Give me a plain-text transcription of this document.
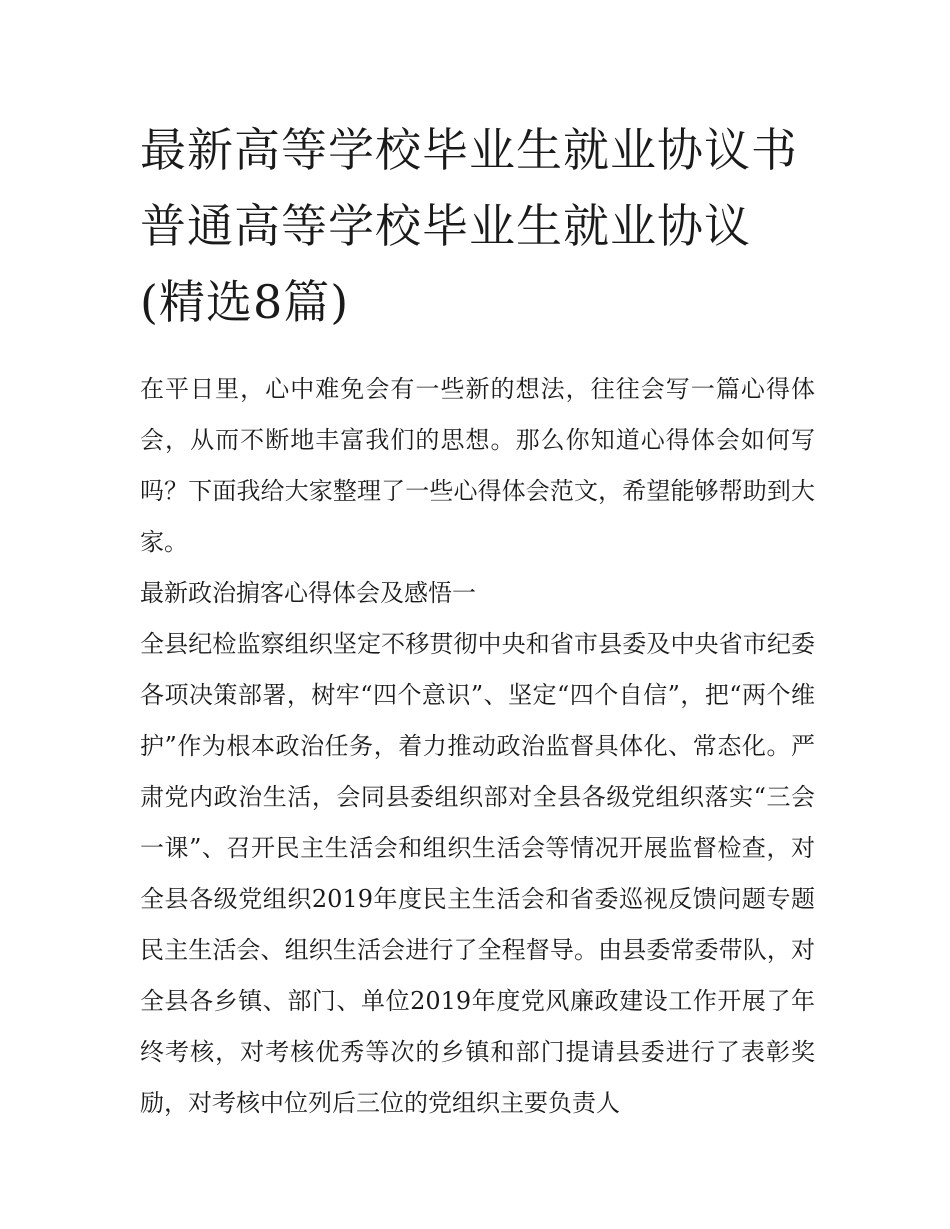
最新高等学校毕业生就业协议书 普通高等学校毕业生就业协议(精选8篇)

在平日里，心中难免会有一些新的想法，往往会写一篇心得体会，从而不断地丰富我们的思想。那么你知道心得体会如何写吗？下面我给大家整理了一些心得体会范文，希望能够帮助到大家。

最新政治掮客心得体会及感悟一

全县纪检监察组织坚定不移贯彻中央和省市县委及中央省市纪委各项决策部署，树牢“四个意识”、坚定“四个自信”，把“两个维护”作为根本政治任务，着力推动政治监督具体化、常态化。严肃党内政治生活，会同县委组织部对全县各级党组织落实“三会一课”、召开民主生活会和组织生活会等情况开展监督检查，对全县各级党组织2019年度民主生活会和省委巡视反馈问题专题民主生活会、组织生活会进行了全程督导。由县委常委带队，对全县各乡镇、部门、单位2019年度党风廉政建设工作开展了年终考核，对考核优秀等次的乡镇和部门提请县委进行了表彰奖励，对考核中位列后三位的党组织主要负责人
